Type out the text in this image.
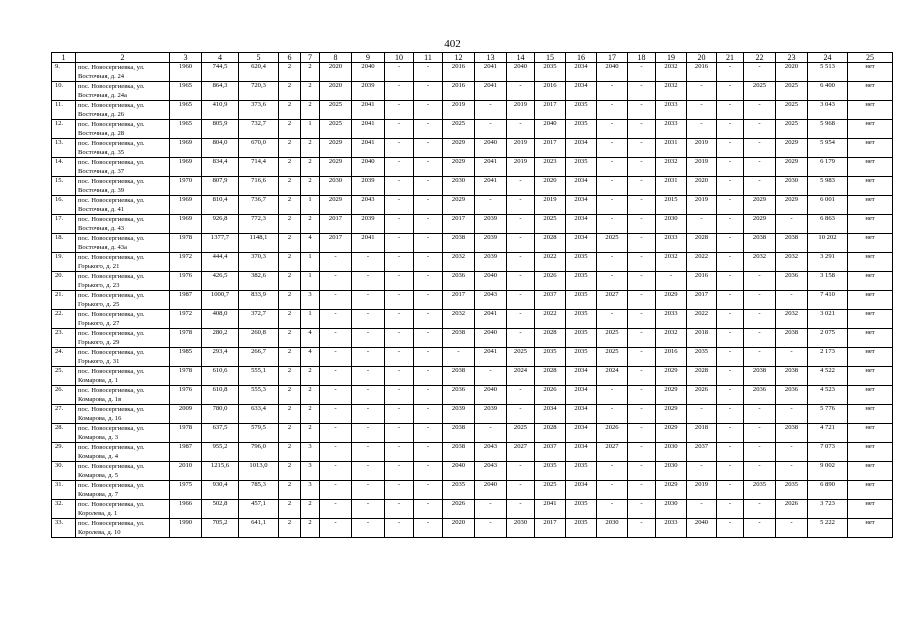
402
1	2	3	4	5	6	7	8	9	10	11	12	13	14	15	16	17	18	19	20	21	22	23	24	25
9.	пос. Новосергиевка, ул. Восточная, д. 24	1960	744,5	620,4	2	2	2020	2040	-	-	2016	2041	2040	2035	2034	2040	-	2032	2016	-	-	2020	5 513	нет
10.	пос. Новосергиевка, ул. Восточная, д. 24а	1965	864,3	720,3	2	2	2020	2039	-	-	2016	2041	-	2016	2034	-	-	2032	-	-	2025	2025	6 400	нет
11.	пос. Новосергиевка, ул. Восточная, д. 26	1965	410,9	373,6	2	2	2025	2041	-	-	2019	-	2019	2017	2035	-	-	2033	-	-	-	2025	3 043	нет
12.	пос. Новосергиевка, ул. Восточная, д. 28	1965	805,9	732,7	2	1	2025	2041	-	-	2025	-	-	2040	2035	-	-	2033	-	-	-	2025	5 968	нет
13.	пос. Новосергиевка, ул. Восточная, д. 35	1969	804,0	670,0	2	2	2029	2041	-	-	2029	2040	2019	2017	2034	-	-	2031	2019	-	-	2029	5 954	нет
14.	пос. Новосергиевка, ул. Восточная, д. 37	1969	834,4	714,4	2	2	2029	2040	-	-	2029	2041	2019	2023	2035	-	-	2032	2019	-	-	2029	6 179	нет
15.	пос. Новосергиевка, ул. Восточная, д. 39	1970	807,9	716,6	2	2	2030	2039	-	-	2030	2041	-	2020	2034	-	-	2031	2020	-	-	2030	5 983	нет
16.	пос. Новосергиевка, ул. Восточная, д. 41	1969	810,4	736,7	2	1	2029	2043	-	-	2029	-	-	2019	2034	-	-	2015	2019	-	2029	2029	6 001	нет
17.	пос. Новосергиевка, ул. Восточная, д. 43	1969	926,8	772,3	2	2	2017	2039	-	-	2017	2039	-	2025	2034	-	-	2030	-	-	2029	-	6 863	нет
18.	пос. Новосергиевка, ул. Восточная, д. 43а	1978	1377,7	1148,1	2	4	2017	2041	-	-	2038	2039	-	2028	2034	2025	-	2033	2028	-	2038	2038	10 202	нет
19.	пос. Новосергиевка, ул. Горького, д. 21	1972	444,4	370,3	2	1	-	-	-	-	2032	2039	-	2022	2035	-	-	2032	2022	-	2032	2032	3 291	нет
20.	пос. Новосергиевка, ул. Горького, д. 23	1976	426,5	382,6	2	1	-	-	-	-	2036	2040	-	2026	2035	-	-	-	2016	-	-	2036	3 158	нет
21.	пос. Новосергиевка, ул. Горького, д. 25	1987	1000,7	833,9	2	3	-	-	-	-	2017	2043	-	2037	2035	2027	-	2029	2017	-	-	-	7 410	нет
22.	пос. Новосергиевка, ул. Горького, д. 27	1972	408,0	372,7	2	1	-	-	-	-	2032	2041	-	2022	2035	-	-	2033	2022	-	-	2032	3 021	нет
23.	пос. Новосергиевка, ул. Горького, д. 29	1978	280,2	260,8	2	4	-	-	-	-	2038	2040	-	2028	2035	2025	-	2032	2018	-	-	2038	2 075	нет
24.	пос. Новосергиевка, ул. Горького, д. 31	1985	293,4	266,7	2	4	-	-	-	-	-	2041	2025	2035	2035	2025	-	2016	2035	-	-	-	2 173	нет
25.	пос. Новосергиевка, ул. Комарова, д. 1	1978	610,6	555,1	2	2	-	-	-	-	2038	-	2024	2028	2034	2024	-	2029	2028	-	2038	2038	4 522	нет
26.	пос. Новосергиевка, ул. Комарова, д. 1в	1976	610,8	555,3	2	2	-	-	-	-	2036	2040	-	2026	2034	-	-	2029	2026	-	2036	2036	4 523	нет
27.	пос. Новосергиевка, ул. Комарова, д. 16	2009	780,0	633,4	2	2	-	-	-	-	2039	2039	-	2034	2034	-	-	2029	-	-	-	-	5 776	нет
28.	пос. Новосергиевка, ул. Комарова, д. 3	1978	637,5	579,5	2	2	-	-	-	-	2038	-	2025	2028	2034	2026	-	2029	2018	-	-	2038	4 721	нет
29.	пос. Новосергиевка, ул. Комарова, д. 4	1987	955,2	796,0	2	3	-	-	-	-	2038	2043	2027	2037	2034	2027	-	2030	2037	-	-	-	7 073	нет
30.	пос. Новосергиевка, ул. Комарова, д. 5	2010	1215,6	1013,0	2	3	-	-	-	-	2040	2043	-	2035	2035	-	-	2030	-	-	-	-	9 002	нет
31.	пос. Новосергиевка, ул. Комарова, д. 7	1975	930,4	785,3	2	3	-	-	-	-	2035	2040	-	2025	2034	-	-	2029	2019	-	2035	2035	6 890	нет
32.	пос. Новосергиевка, ул. Королева, д. 1	1966	502,8	457,1	2	2	-	-	-	-	2026	-	-	2041	2035	-	-	2030	-	-	-	2026	3 723	нет
33.	пос. Новосергиевка, ул. Королева, д. 10	1990	705,2	641,1	2	2	-	-	-	-	2020	-	2030	2017	2035	2030	-	2033	2040	-	-	-	5 222	нет
